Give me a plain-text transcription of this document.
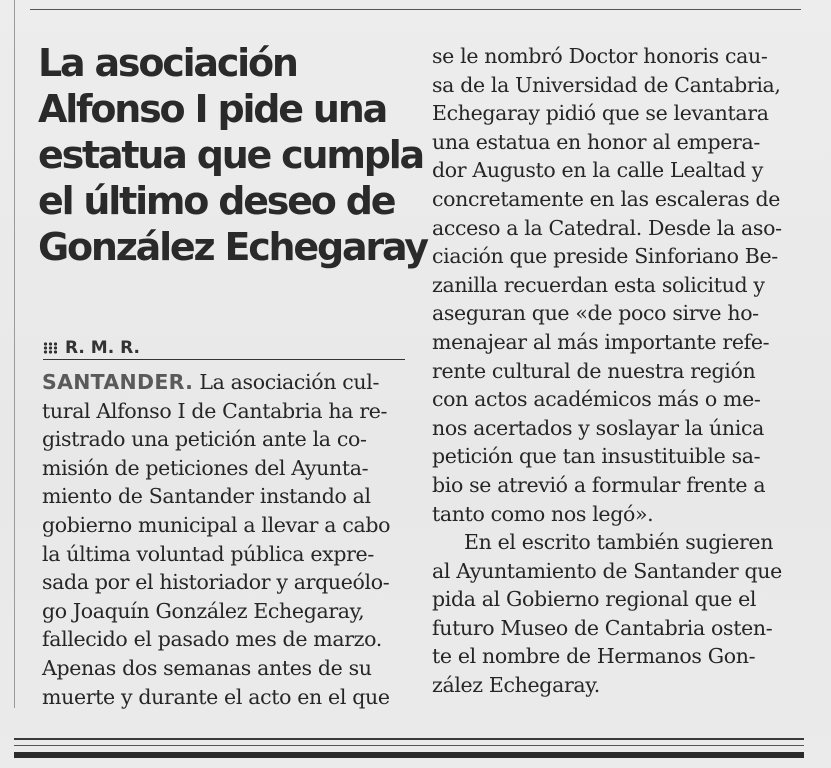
La asociación
Alfonso I pide una
estatua que cumpla
el último deseo de
González Echegaray
R. M. R.
SANTANDER. La asociación cul-
tural Alfonso I de Cantabria ha re-
gistrado una petición ante la co-
misión de peticiones del Ayunta-
miento de Santander instando al
gobierno municipal a llevar a cabo
la última voluntad pública expre-
sada por el historiador y arqueólo-
go Joaquín González Echegaray,
fallecido el pasado mes de marzo.
Apenas dos semanas antes de su
muerte y durante el acto en el que
se le nombró Doctor honoris cau-
sa de la Universidad de Cantabria,
Echegaray pidió que se levantara
una estatua en honor al empera-
dor Augusto en la calle Lealtad y
concretamente en las escaleras de
acceso a la Catedral. Desde la aso-
ciación que preside Sinforiano Be-
zanilla recuerdan esta solicitud y
aseguran que «de poco sirve ho-
menajear al más importante refe-
rente cultural de nuestra región
con actos académicos más o me-
nos acertados y soslayar la única
petición que tan insustituible sa-
bio se atrevió a formular frente a
tanto como nos legó».
En el escrito también sugieren
al Ayuntamiento de Santander que
pida al Gobierno regional que el
futuro Museo de Cantabria osten-
te el nombre de Hermanos Gon-
zález Echegaray.
